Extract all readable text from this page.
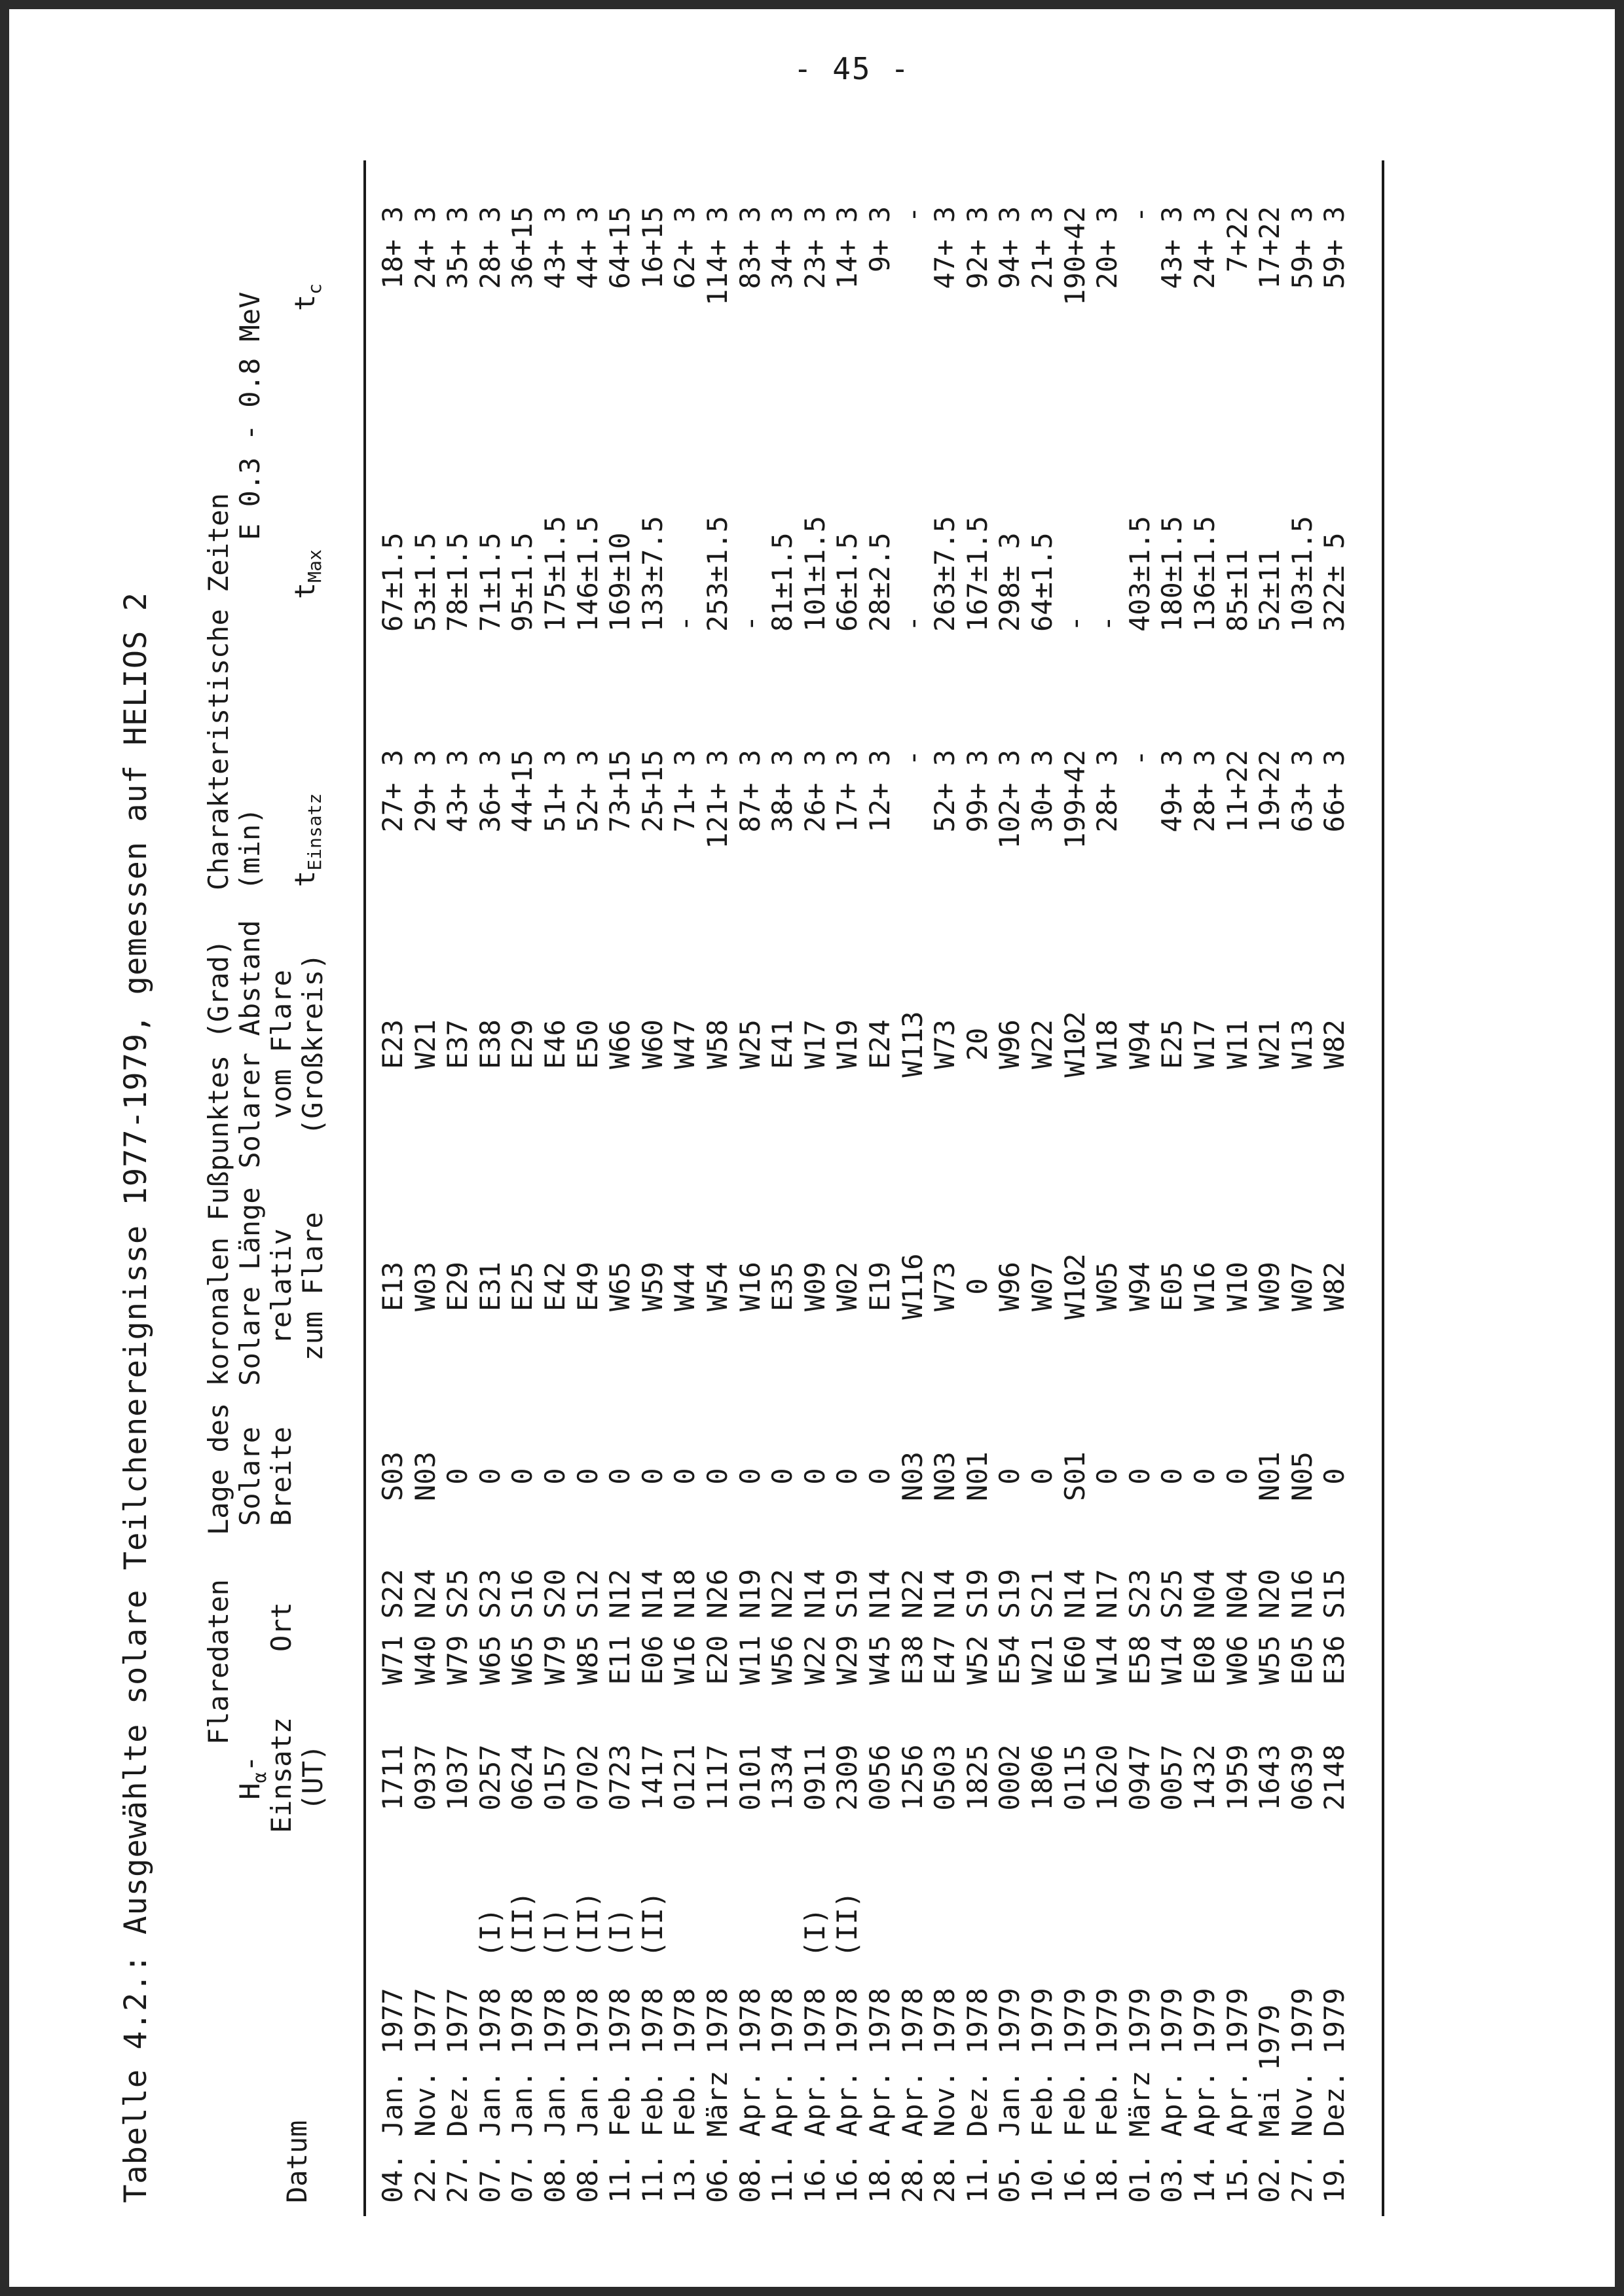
- 45 -
Tabelle 4.2.: Ausgewählte solare Teilchenereignisse 1977-1979, gemessen auf HELIOS 2	Datum
Flaredaten
$H_\alpha-$ Einsatz (UT)
Ort
Lage des koronalen Fußpunktes (Grad) Solare Breite
Solare Länge relativ zum Flare
Solarer Abstand vom Flare (Großkreis)
Charakteristische Zeiten (min)
E 0.3 - 0.8 MeV
$t_{Einsatz}$
$t_{Max}$
$t_c$
04. Jan. 1977
1711
W71 S22
S03
E13
E23
27+ 3
67±1.5
18+ 3
22. Nov. 1977
0937
W40 N24
N03
W03
W21
29+ 3
53±1.5
24+ 3
27. Dez. 1977
1037
W79 S25
0
E29
E37
43+ 3
78±1.5
35+ 3
07. Jan. 1978
(I)
0257
W65 S23
0
E31
E38
36+ 3
71±1.5
28+ 3
07. Jan. 1978
(II)
0624
W65 S16
0
E25
E29
44+15
95±1.5
36+15
08. Jan. 1978
(I)
0157
W79 S20
0
E42
E46
51+ 3
175±1.5
43+ 3
08. Jan. 1978
(II)
0702
W85 S12
0
E49
E50
52+ 3
146±1.5
44+ 3
11. Feb. 1978
(I)
0723
E11 N12
0
W65
W66
73+15
169±10
64+15
11. Feb. 1978
(II)
1417
E06 N14
0
W59
W60
25+15
133±7.5
16+15
13. Feb. 1978
0121
W16 N18
0
W44
W47
71+ 3
-
62+ 3
06. März 1978
1117
E20 N26
0
W54
W58
121+ 3
253±1.5
114+ 3
08. Apr. 1978
0101
W11 N19
0
W16
W25
87+ 3
-
83+ 3
11. Apr. 1978
1334
W56 N22
0
E35
E41
38+ 3
81±1.5
34+ 3
16. Apr. 1978
(I)
0911
W22 N14
0
W09
W17
26+ 3
101±1.5
23+ 3
16. Apr. 1978
(II)
2309
W29 S19
0
W02
W19
17+ 3
66±1.5
14+ 3
18. Apr. 1978
0056
W45 N14
0
E19
E24
12+ 3
28±2.5
9+ 3
28. Apr. 1978
1256
E38 N22
N03
W116
W113
-
-
-
28. Nov. 1978
0503
E47 N14
N03
W73
W73
52+ 3
263±7.5
47+ 3
11. Dez. 1978
1825
W52 S19
N01
0
20
99+ 3
167±1.5
92+ 3
05. Jan. 1979
0002
E54 S19
0
W96
W96
102+ 3
298± 3
94+ 3
10. Feb. 1979
1806
W21 S21
0
W07
W22
30+ 3
64±1.5
21+ 3
16. Feb. 1979
0115
E60 N14
S01
W102
W102
199+42
-
190+42
18. Feb. 1979
1620
W14 N17
0
W05
W18
28+ 3
-
20+ 3
01. März 1979
0947
E58 S23
0
W94
W94
-
403±1.5
-
03. Apr. 1979
0057
W14 S25
0
E05
E25
49+ 3
180±1.5
43+ 3
14. Apr. 1979
1432
E08 N04
0
W16
W17
28+ 3
136±1.5
24+ 3
15. Apr. 1979
1959
W06 N04
0
W10
W11
11+22
85±11
7+22
02. Mai 1979
1643
W55 N20
N01
W09
W21
19+22
52±11
17+22
27. Nov. 1979
0639
E05 N16
N05
W07
W13
63+ 3
103±1.5
59+ 3
19. Dez. 1979
2148
E36 S15
0
W82
W82
66+ 3
322± 5
59+ 3
